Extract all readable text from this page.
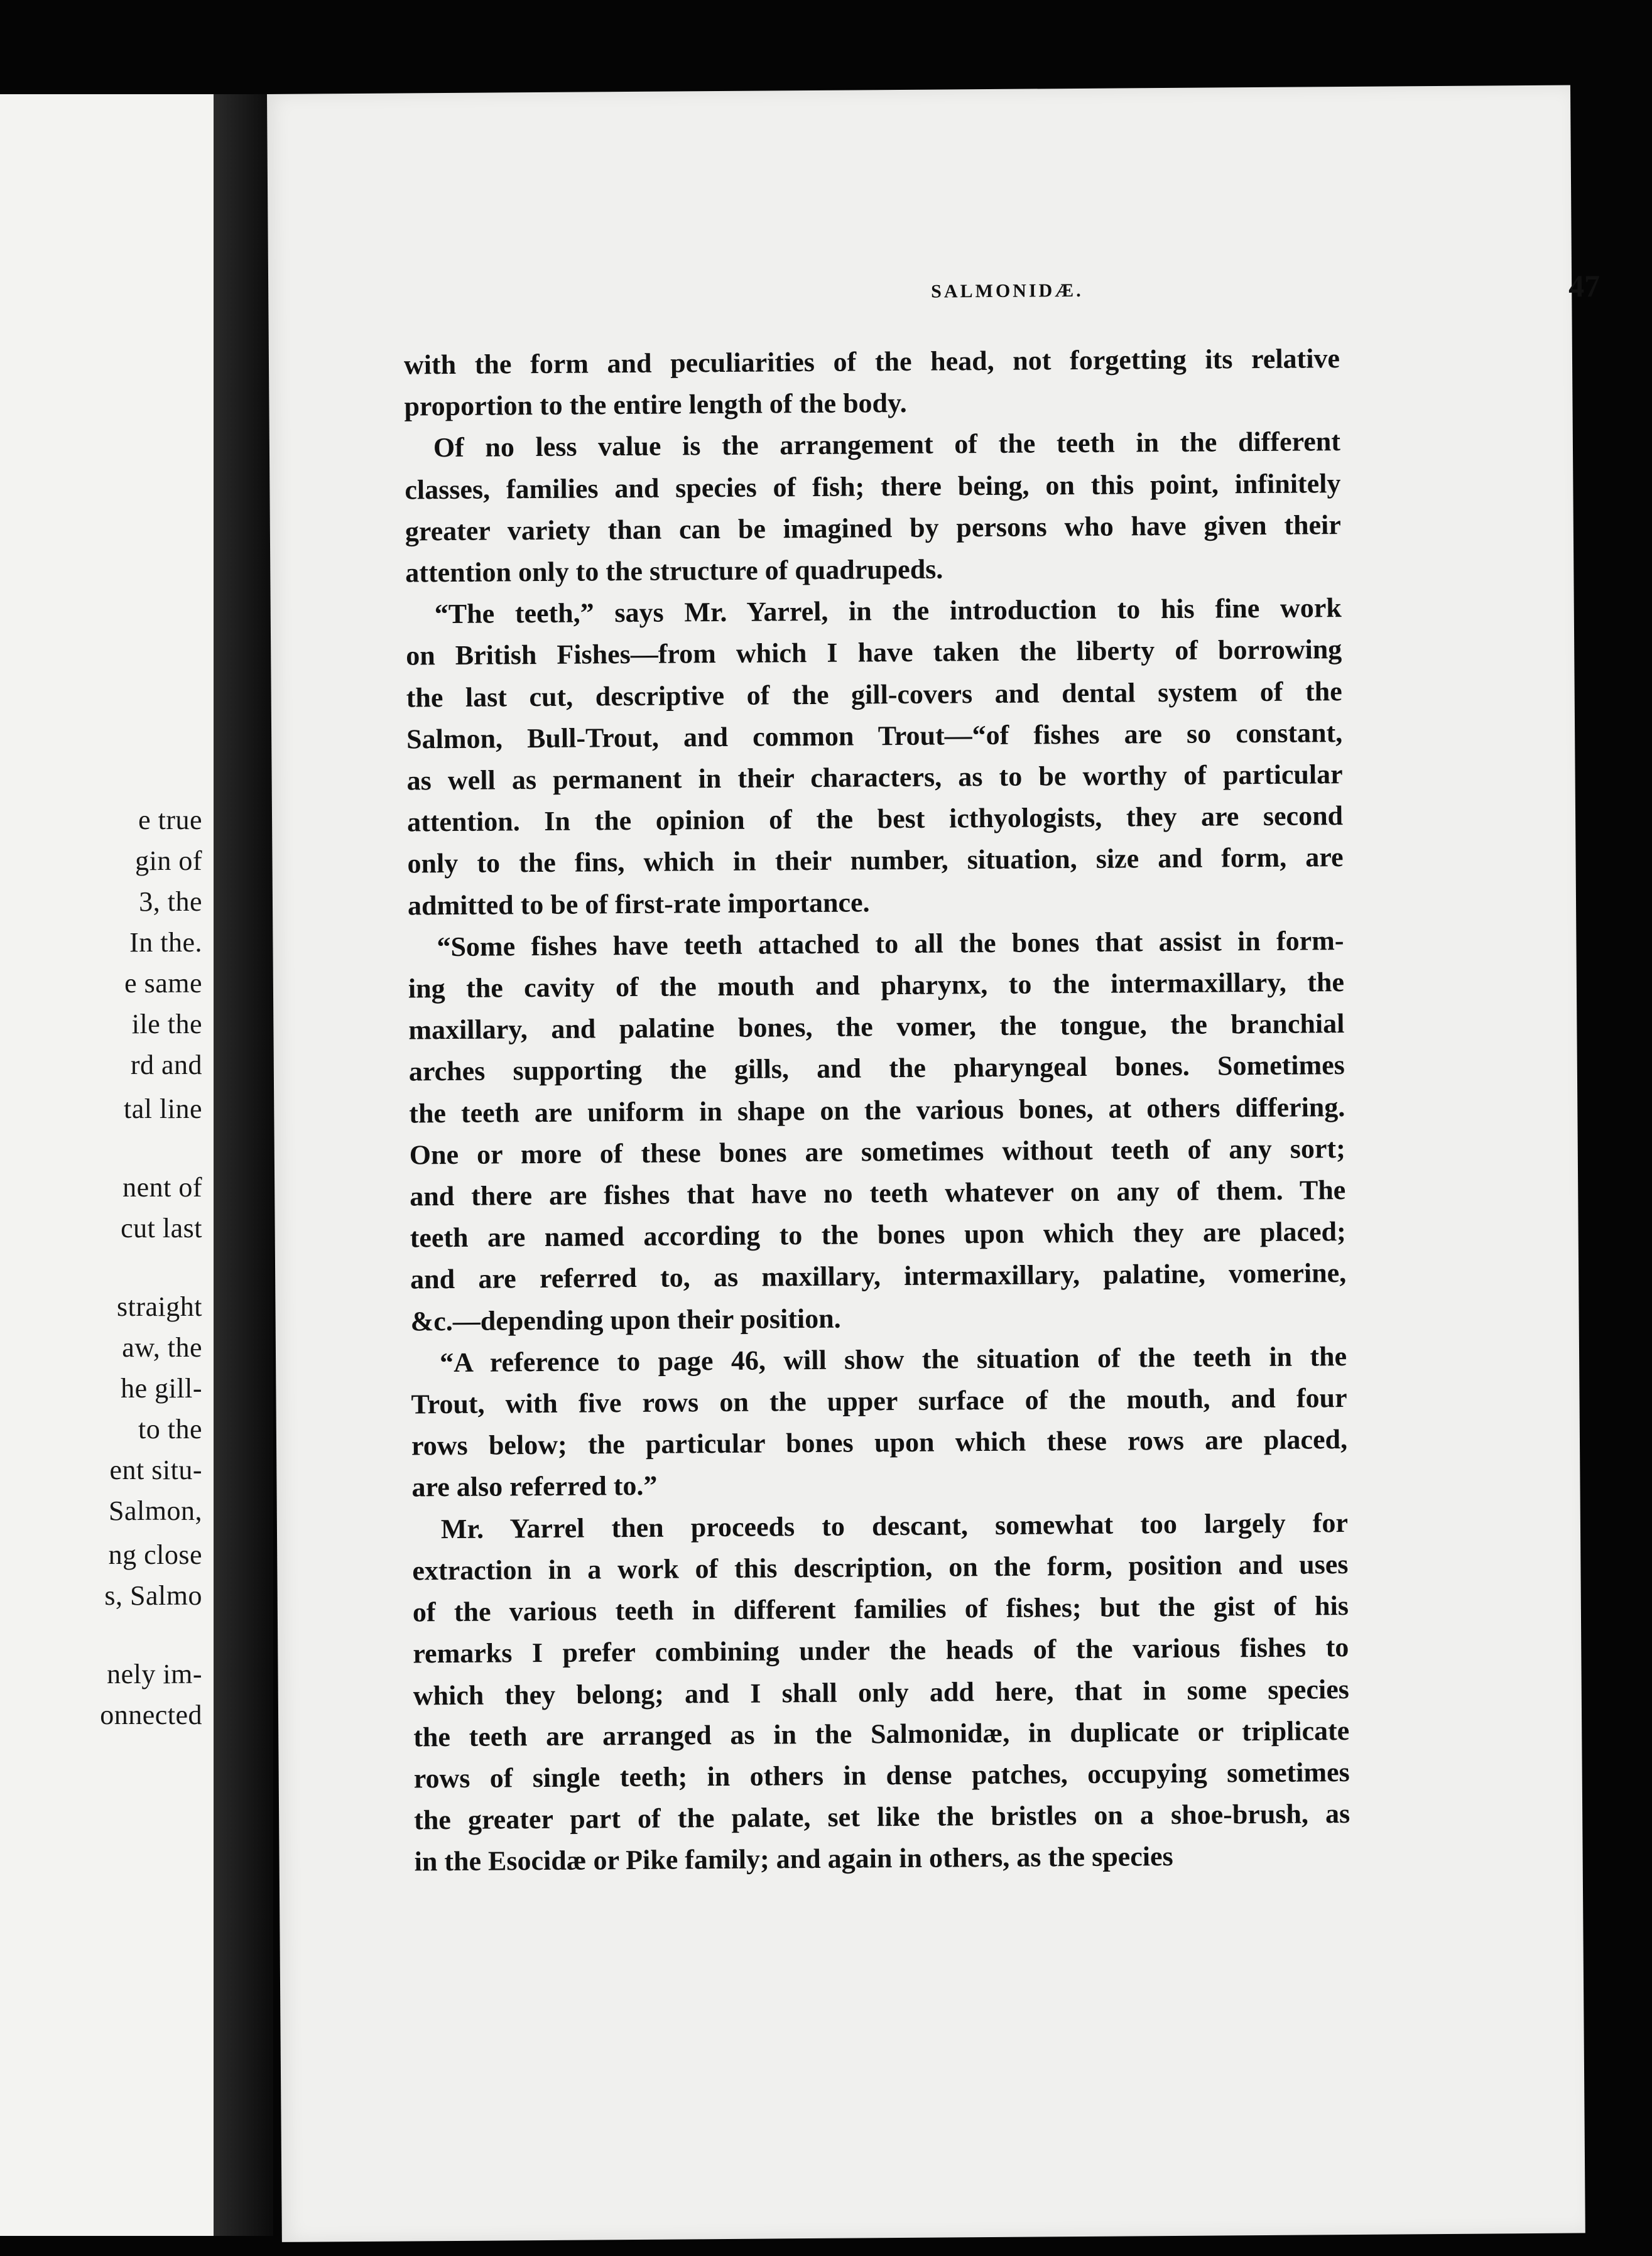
e true
gin of
3, the
In the.
e same
ile the
rd and
tal line
nent of
cut last
straight
aw, the
he gill-
to the
ent situ-
Salmon,
ng close
s, Salmo
nely im-
onnected
SALMONIDÆ.	47

with the form and peculiarities of the head, not forgetting its relative
proportion to the entire length of the body.

Of no less value is the arrangement of the teeth in the different
classes, families and species of fish; there being, on this point, infinitely
greater variety than can be imagined by persons who have given their
attention only to the structure of quadrupeds.

“The teeth,” says Mr. Yarrel, in the introduction to his fine work
on British Fishes—from which I have taken the liberty of borrowing
the last cut, descriptive of the gill-covers and dental system of the
Salmon, Bull-Trout, and common Trout—“of fishes are so constant,
as well as permanent in their characters, as to be worthy of particular
attention. In the opinion of the best icthyologists, they are second
only to the fins, which in their number, situation, size and form, are
admitted to be of first-rate importance.

“Some fishes have teeth attached to all the bones that assist in form-
ing the cavity of the mouth and pharynx, to the intermaxillary, the
maxillary, and palatine bones, the vomer, the tongue, the branchial
arches supporting the gills, and the pharyngeal bones. Sometimes
the teeth are uniform in shape on the various bones, at others differing.
One or more of these bones are sometimes without teeth of any sort;
and there are fishes that have no teeth whatever on any of them. The
teeth are named according to the bones upon which they are placed;
and are referred to, as maxillary, intermaxillary, palatine, vomerine,
&c.—depending upon their position.

“A reference to page 46, will show the situation of the teeth in the
Trout, with five rows on the upper surface of the mouth, and four
rows below; the particular bones upon which these rows are placed,
are also referred to.”

Mr. Yarrel then proceeds to descant, somewhat too largely for
extraction in a work of this description, on the form, position and uses
of the various teeth in different families of fishes; but the gist of his
remarks I prefer combining under the heads of the various fishes to
which they belong; and I shall only add here, that in some species
the teeth are arranged as in the Salmonidæ, in duplicate or triplicate
rows of single teeth; in others in dense patches, occupying sometimes
the greater part of the palate, set like the bristles on a shoe-brush, as
in the Esocidæ or Pike family; and again in others, as the species
